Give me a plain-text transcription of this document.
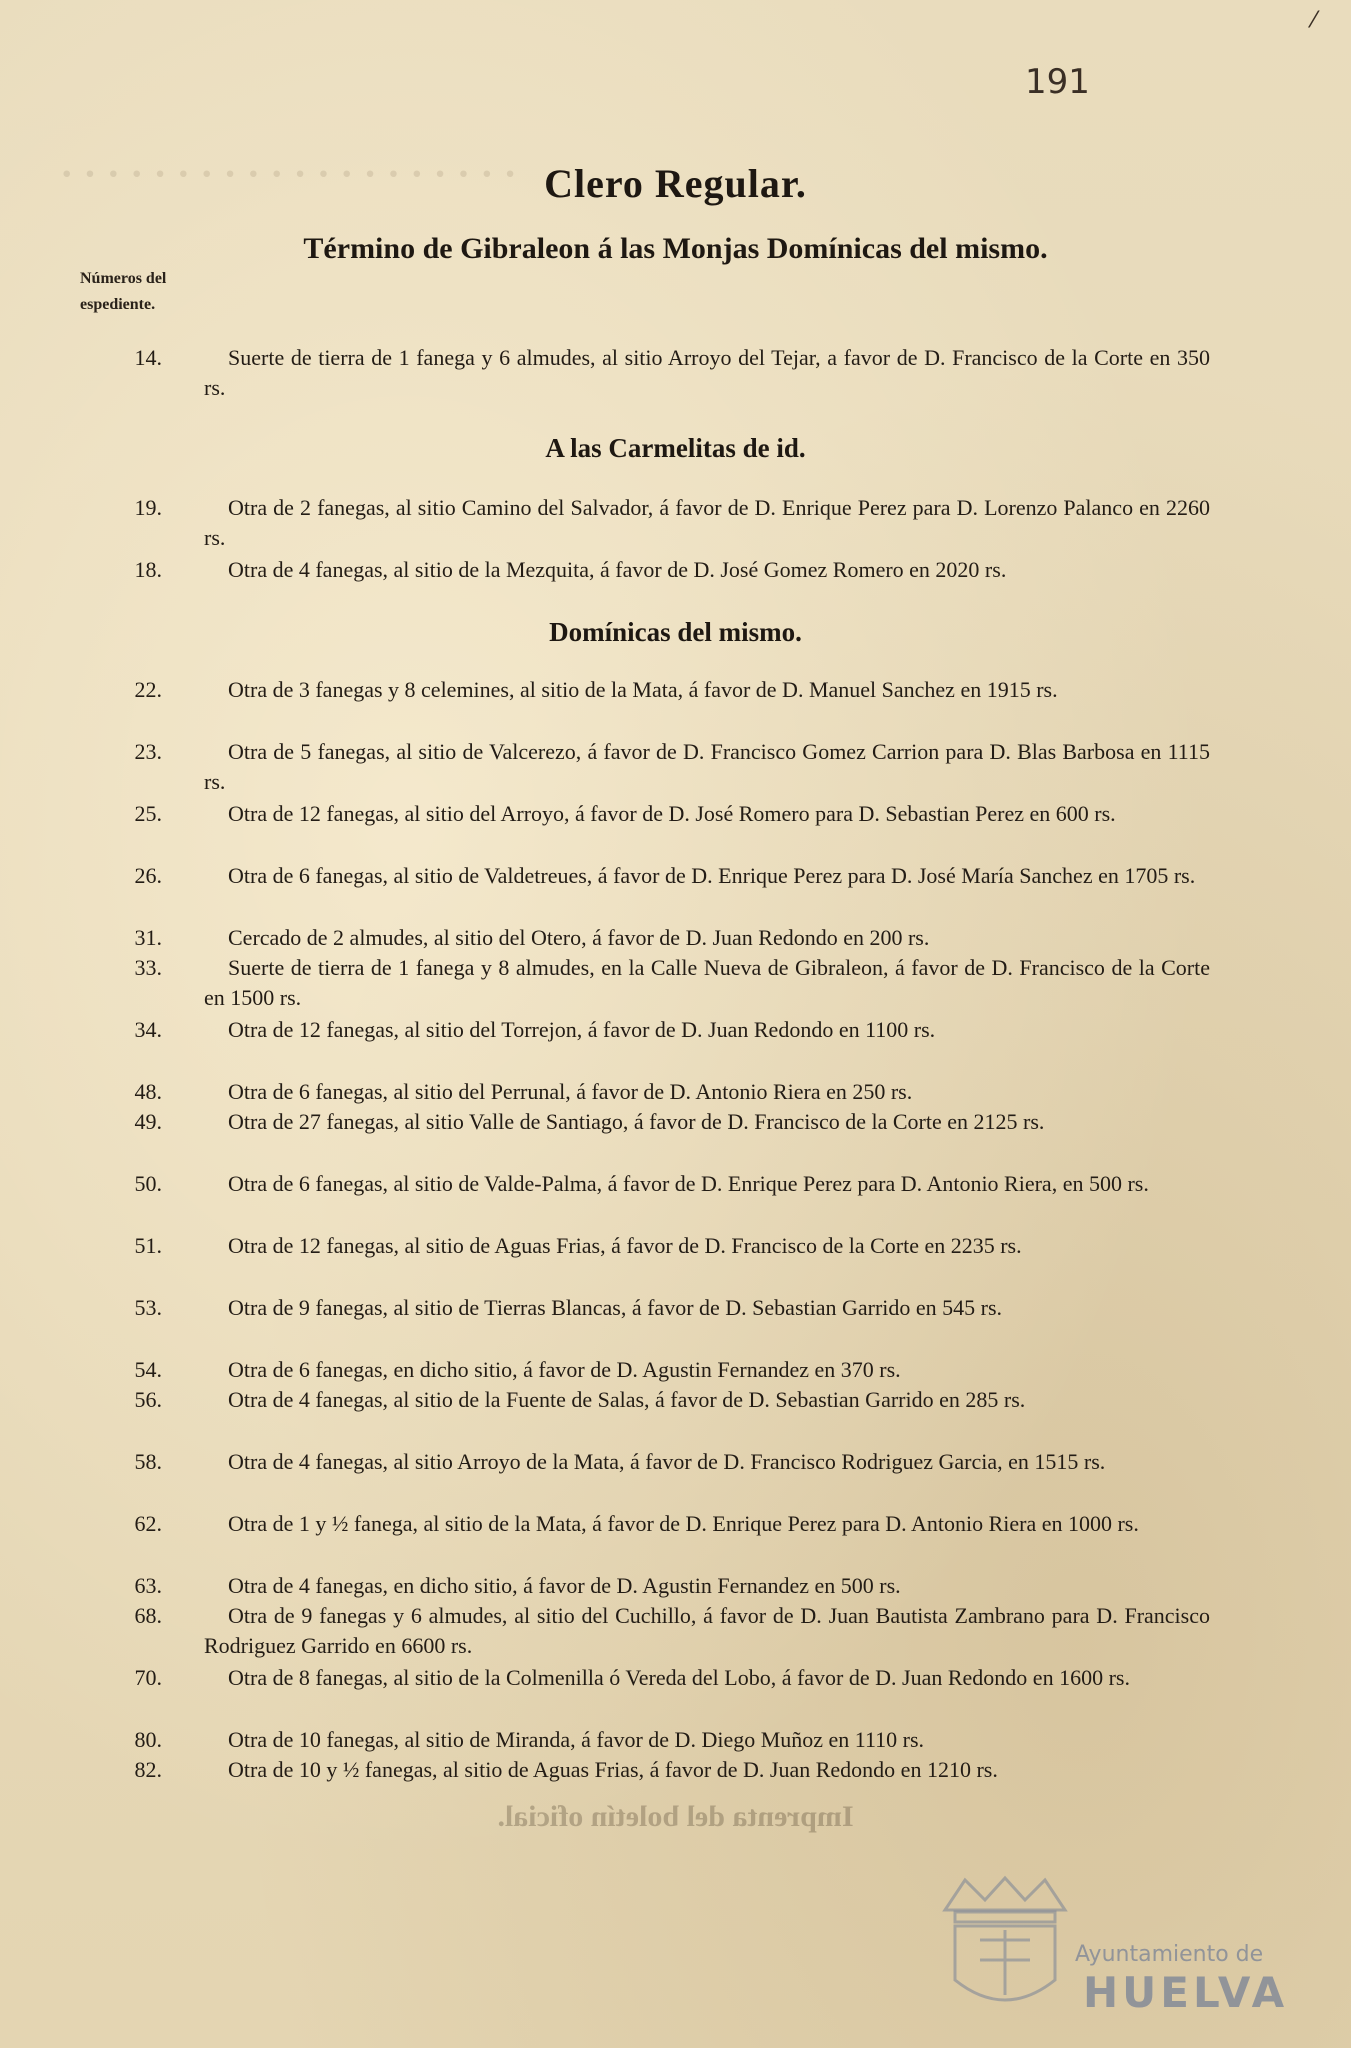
· · · · · · · · · · · · · · · · · · · ·
⁄
191
Clero Regular.
Término de Gibraleon á las Monjas Domínicas del mismo.
Números del
espediente.
14.	Suerte de tierra de 1 fanega y 6 almudes, al sitio Arroyo del Tejar, a favor de D. Francisco de la Corte en 350 rs.
A las Carmelitas de id.
19.	Otra de 2 fanegas, al sitio Camino del Salvador, á favor de D. Enrique Perez para D. Lorenzo Palanco en 2260 rs.
18.	Otra de 4 fanegas, al sitio de la Mezquita, á favor de D. José Gomez Romero en 2020 rs.
Domínicas del mismo.
22.	Otra de 3 fanegas y 8 celemines, al sitio de la Mata, á favor de D. Manuel Sanchez en 1915 rs.
23.	Otra de 5 fanegas, al sitio de Valcerezo, á favor de D. Francisco Gomez Carrion para D. Blas Barbosa en 1115 rs.
25.	Otra de 12 fanegas, al sitio del Arroyo, á favor de D. José Romero para D. Sebastian Perez en 600 rs.
26.	Otra de 6 fanegas, al sitio de Valdetreues, á favor de D. Enrique Perez para D. José María Sanchez en 1705 rs.
31.	Cercado de 2 almudes, al sitio del Otero, á favor de D. Juan Redondo en 200 rs.
33.	Suerte de tierra de 1 fanega y 8 almudes, en la Calle Nueva de Gibraleon, á favor de D. Francisco de la Corte en 1500 rs.
34.	Otra de 12 fanegas, al sitio del Torrejon, á favor de D. Juan Redondo en 1100 rs.
48.	Otra de 6 fanegas, al sitio del Perrunal, á favor de D. Antonio Riera en 250 rs.
49.	Otra de 27 fanegas, al sitio Valle de Santiago, á favor de D. Francisco de la Corte en 2125 rs.
50.	Otra de 6 fanegas, al sitio de Valde-Palma, á favor de D. Enrique Perez para D. Antonio Riera, en 500 rs.
51.	Otra de 12 fanegas, al sitio de Aguas Frias, á favor de D. Francisco de la Corte en 2235 rs.
53.	Otra de 9 fanegas, al sitio de Tierras Blancas, á favor de D. Sebastian Garrido en 545 rs.
54.	Otra de 6 fanegas, en dicho sitio, á favor de D. Agustin Fernandez en 370 rs.
56.	Otra de 4 fanegas, al sitio de la Fuente de Salas, á favor de D. Sebastian Garrido en 285 rs.
58.	Otra de 4 fanegas, al sitio Arroyo de la Mata, á favor de D. Francisco Rodriguez Garcia, en 1515 rs.
62.	Otra de 1 y ½ fanega, al sitio de la Mata, á favor de D. Enrique Perez para D. Antonio Riera en 1000 rs.
63.	Otra de 4 fanegas, en dicho sitio, á favor de D. Agustin Fernandez en 500 rs.
68.	Otra de 9 fanegas y 6 almudes, al sitio del Cuchillo, á favor de D. Juan Bautista Zambrano para D. Francisco Rodriguez Garrido en 6600 rs.
70.	Otra de 8 fanegas, al sitio de la Colmenilla ó Vereda del Lobo, á favor de D. Juan Redondo en 1600 rs.
80.	Otra de 10 fanegas, al sitio de Miranda, á favor de D. Diego Muñoz en 1110 rs.
82.	Otra de 10 y ½ fanegas, al sitio de Aguas Frias, á favor de D. Juan Redondo en 1210 rs.
Imprenta del boletín oficial.
Ayuntamiento de
HUELVA
